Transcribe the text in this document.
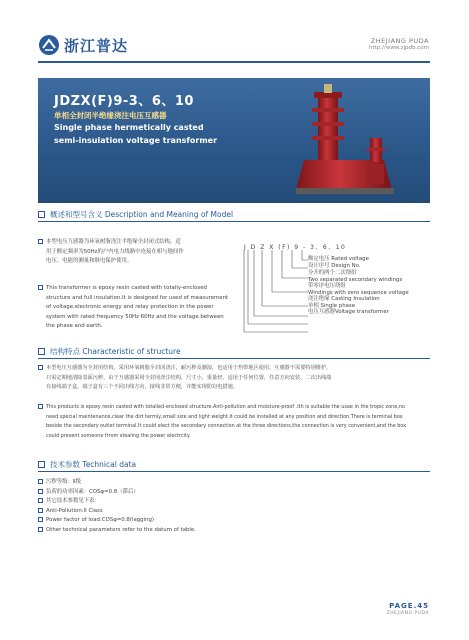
浙江普达	ZHEJIANG PUDA
http://www.zjpdb.com
JDZX(F)9-3、6、10
单相全封闭半绝缘浇注电压互感器
Single phase hermetically casted
semi-insulation voltage transformer
概述和型号含义 Description and Meaning of Model
本型电压互感器为环氧树脂浇注半绝缘全封闭式结构，适
用于额定频率为50Hz的户内电力线路中连接在相与地间作
电压、电能的测量和继电保护使用。
This transformer is epoxy resin casted with totally-enclosed
structure and full insulation.It is designed for used of measurement
of voltage,electronic energy and relay protection in the power
system with rated frequency 50Hz 60Hz and the voltage between
the phase and earth.
J D Z X (F) 9 - 3、6、10
额定电压 Rated voltage
设计序号 Design No.
分开的两个二次绕组
Two separated secondary windings
带零序电压绕组
Windings with zero sequence voltage
浇注绝缘 Casting Insulation
单相 Single phase
电压互感器Voltage transformer
结构特点 Characteristic of structure
本型电压互感器为全封闭结构，采用环氧树脂全封闭浇注，耐污秽及潮湿，也适用于热带地区使用，互感器不需要特别维护，
只需定期地清除表面污秽，由于互感器采用全封闭浇注结构，尺寸小，重量轻，适用于任何位置，任意方向安装，二次出线端
有接线端子盒，端子盒有三个不同出线方向，接线非常方便，并能实现防窃电措施。
This products is epoxy resin casted with totalled-enclosed structure.Anti-pollution and moisture-proof .Ith is suitable the usae in the tropic zone,no
need special maintenance,clear the dirt termly,small size and light weight.It could be installed at any position and direction.There is terminal box
beside the secondary outlet terminal.It could elect the secondary connection at the three directions,the connection is very convenient,and the box
could present someone frrom stealing the power electrcity.
技术参数 Technical data
污秽等级：Ⅱ级
负荷的功率因素：COSφ=0.8（滞后）
其它技术参数见下表：
Anti-Pollution:II Class
Power factor of load:COSφ=0.8(lagging)
Other technical parameters refer to the datum of table.
PAGE.45
ZHEJIANG PUDA
